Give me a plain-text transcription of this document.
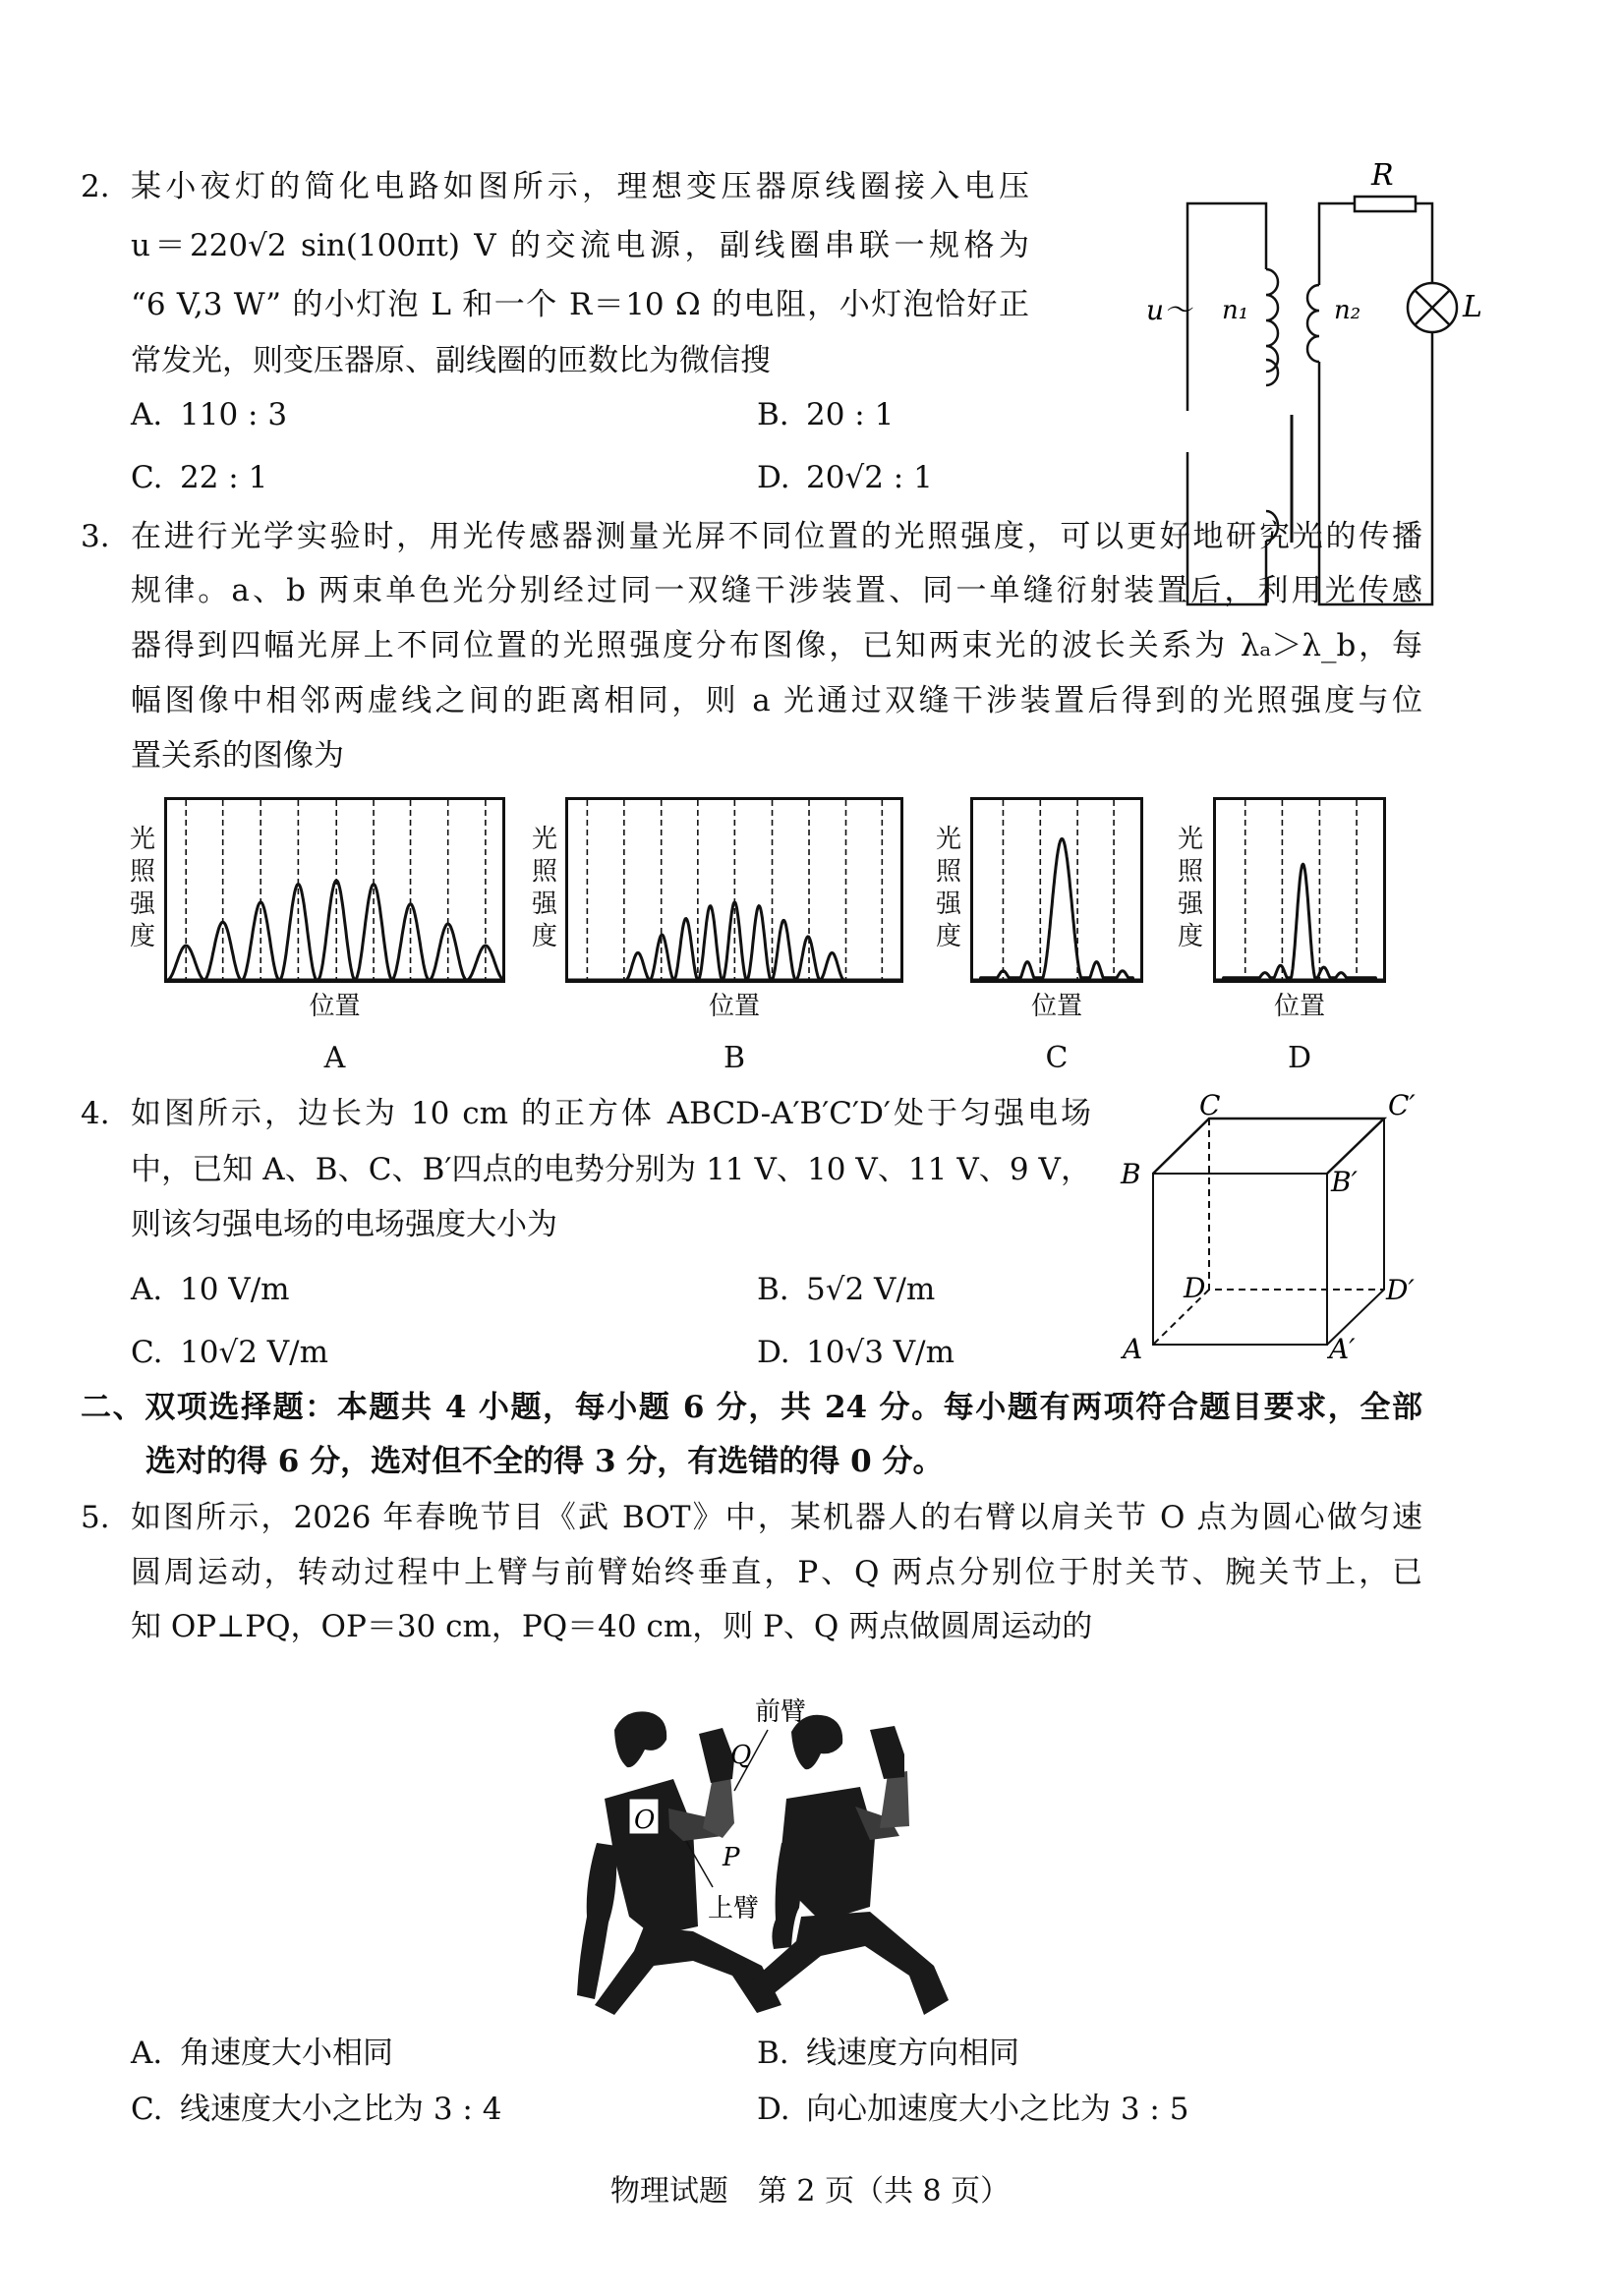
2. 某小夜灯的简化电路如图所示，理想变压器原线圈接入电压
u＝220√2 sin(100πt) V 的交流电源，副线圈串联一规格为
“6 V,3 W” 的小灯泡 L 和一个 R＝10 Ω 的电阻，小灯泡恰好正
常发光，则变压器原、副线圈的匝数比为微信搜
A. 110 : 3	B. 20 : 1
C. 22 : 1	D. 20√2 : 1
R
L
u～ n₁	n₂
3. 在进行光学实验时，用光传感器测量光屏不同位置的光照强度，可以更好地研究光的传播
规律。a、b 两束单色光分别经过同一双缝干涉装置、同一单缝衍射装置后，利用光传感
器得到四幅光屏上不同位置的光照强度分布图像，已知两束光的波长关系为 λₐ＞λ_b，每
幅图像中相邻两虚线之间的距离相同，则 a 光通过双缝干涉装置后得到的光照强度与位
置关系的图像为
光
照
强
度
位置
A
光
照
强
度
位置
B
光
照
强
度
位置
C
光
照
强
度
位置
D
4. 如图所示，边长为 10 cm 的正方体 ABCD-A′B′C′D′处于匀强电场
中，已知 A、B、C、B′四点的电势分别为 11 V、10 V、11 V、9 V，
则该匀强电场的电场强度大小为
A. 10 V/m	B. 5√2 V/m
C. 10√2 V/m	D. 10√3 V/m
C	C′
B	B′
D	D′
A	A′
二、双项选择题：本题共 4 小题，每小题 6 分，共 24 分。每小题有两项符合题目要求，全部
选对的得 6 分，选对但不全的得 3 分，有选错的得 0 分。
5. 如图所示，2026 年春晚节目《武 BOT》中，某机器人的右臂以肩关节 O 点为圆心做匀速
圆周运动，转动过程中上臂与前臂始终垂直，P、Q 两点分别位于肘关节、腕关节上，已
知 OP⊥PQ，OP＝30 cm，PQ＝40 cm，则 P、Q 两点做圆周运动的
前臂
上臂
O
P
Q
A. 角速度大小相同	B. 线速度方向相同
C. 线速度大小之比为 3 : 4	D. 向心加速度大小之比为 3 : 5
物理试题　第 2 页（共 8 页）
